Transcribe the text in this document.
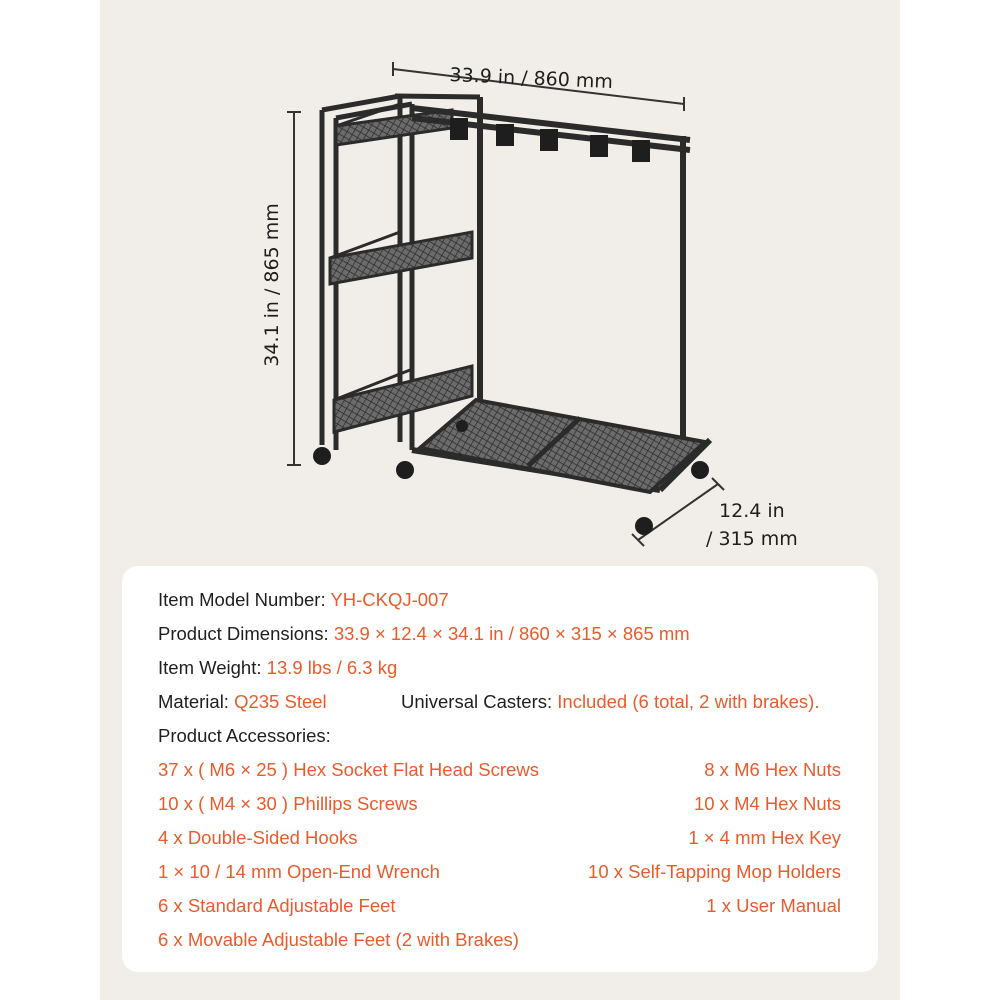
33.9 in / 860 mm
34.1 in / 865 mm
12.4 in
/ 315 mm
Item Model Number: YH-CKQJ-007
Product Dimensions: 33.9 × 12.4 × 34.1 in / 860 × 315 × 865 mm
Item Weight: 13.9 lbs / 6.3 kg
Material: Q235 Steel	Universal Casters: Included (6 total, 2 with brakes).
Product Accessories:
37 x ( M6 × 25 ) Hex Socket Flat Head Screws
10 x ( M4 × 30 ) Phillips Screws
4 x Double-Sided Hooks
1 × 10 / 14 mm Open-End Wrench
6 x Standard Adjustable Feet
6 x Movable Adjustable Feet (2 with Brakes)
8 x M6 Hex Nuts
10 x M4 Hex Nuts
1 × 4 mm Hex Key
10 x Self-Tapping Mop Holders
1 x User Manual
